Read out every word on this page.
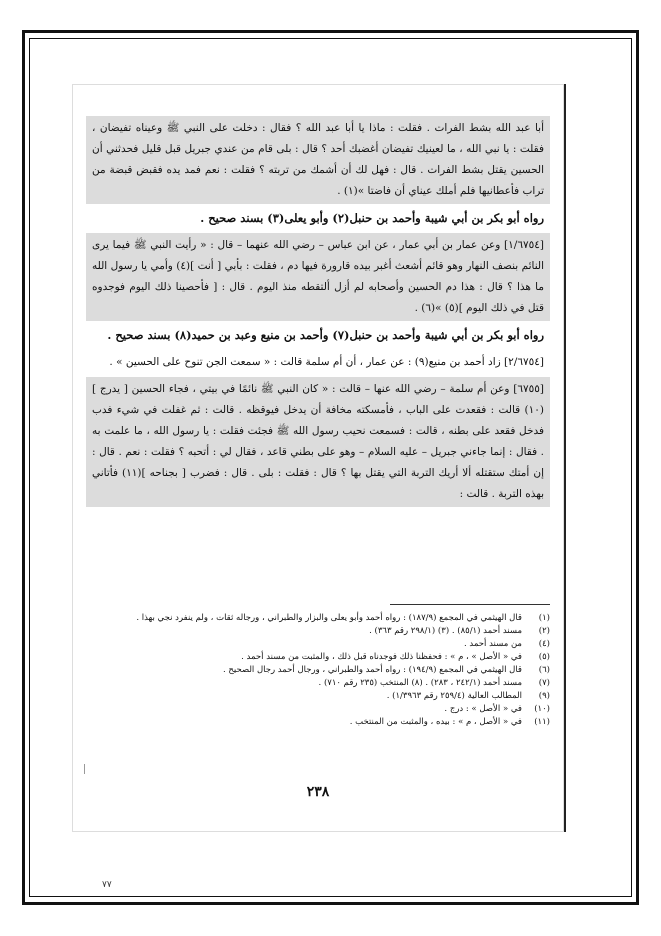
أبا عبد الله بشط الفرات . فقلت : ماذا يا أبا عبد الله ؟ فقال : دخلت على النبي ﷺ وعيناه تفيضان ، فقلت : يا نبي الله ، ما لعينيك تفيضان أغضبك أحد ؟ قال : بلى قام من عندي جبريل قبل قليل فحدثني أن الحسين يقتل بشط الفرات . قال : فهل لك أن أشمك من تربته ؟ فقلت : نعم فمد يده فقبض قبضة من تراب فأعطانيها فلم أملك عيناي أن فاضتا »(١) .

رواه أبو بكر بن أبي شيبة وأحمد بن حنبل(٢) وأبو يعلى(٣) بسند صحيح .

[١/٦٧٥٤] وعن عمار بن أبي عمار ، عن ابن عباس – رضي الله عنهما – قال : « رأيت النبي ﷺ فيما يرى النائم بنصف النهار وهو قائم أشعث أغبر بيده قارورة فيها دم ، فقلت : بأبي [ أنت ](٤) وأمي يا رسول الله ما هذا ؟ قال : هذا دم الحسين وأصحابه لم أزل ألتقطه منذ اليوم . قال : [ فأحصينا ذلك اليوم فوجدوه قتل في ذلك اليوم ](٥) »(٦) .

رواه أبو بكر بن أبي شيبة وأحمد بن حنبل(٧) وأحمد بن منيع وعبد بن حميد(٨) بسند صحيح .

[٢/٦٧٥٤] زاد أحمد بن منيع(٩) : عن عمار ، أن أم سلمة قالت : « سمعت الجن تنوح على الحسين » .

[٦٧٥٥] وعن أم سلمة – رضي الله عنها – قالت : « كان النبي ﷺ نائمًا في بيتي ، فجاء الحسين [ يدرج ](١٠) قالت : فقعدت على الباب ، فأمسكته مخافة أن يدخل فيوقظه . قالت : ثم غفلت في شيء فدب فدخل فقعد على بطنه ، قالت : فسمعت نحيب رسول الله ﷺ فجئت فقلت : يا رسول الله ، ما علمت به . فقال : إنما جاءني جبريل – عليه السلام – وهو على بطني قاعد ، فقال لي : أتحبه ؟ فقلت : نعم . قال : إن أمتك ستقتله ألا أريك التربة التي يقتل بها ؟ قال : فقلت : بلى . قال : فضرب [ بجناحه ](١١) فأتاني بهذه التربة . قالت :

(١)
قال الهيثمي في المجمع (١٨٧/٩) : رواه أحمد وأبو يعلى والبزار والطبراني ، ورجاله ثقات ، ولم ينفرد نجي بهذا .
(٢)
مسند أحمد (٨٥/١) . (٣) (٢٩٨/١ رقم ٣٦٣) .
(٤)
من مسند أحمد .
(٥)
في « الأصل » ، م » : فحفظنا ذلك فوجدناه قبل ذلك ، والمثبت من مسند أحمد .
(٦)
قال الهيثمي في المجمع (١٩٤/٩) : رواه أحمد والطبراني ، ورجال أحمد رجال الصحيح .
(٧)
مسند أحمد (٢٤٢/١ ، ٢٨٣) . (٨) المنتخب (٢٣٥ رقم ٧١٠) .
(٩)
المطالب العالية (٢٥٩/٤ رقم ١/٣٩٦٣) .
(١٠)
في « الأصل » : درج .
(١١)
في « الأصل ، م » : بيده ، والمثبت من المنتخب .
٢٣٨
٧٧
